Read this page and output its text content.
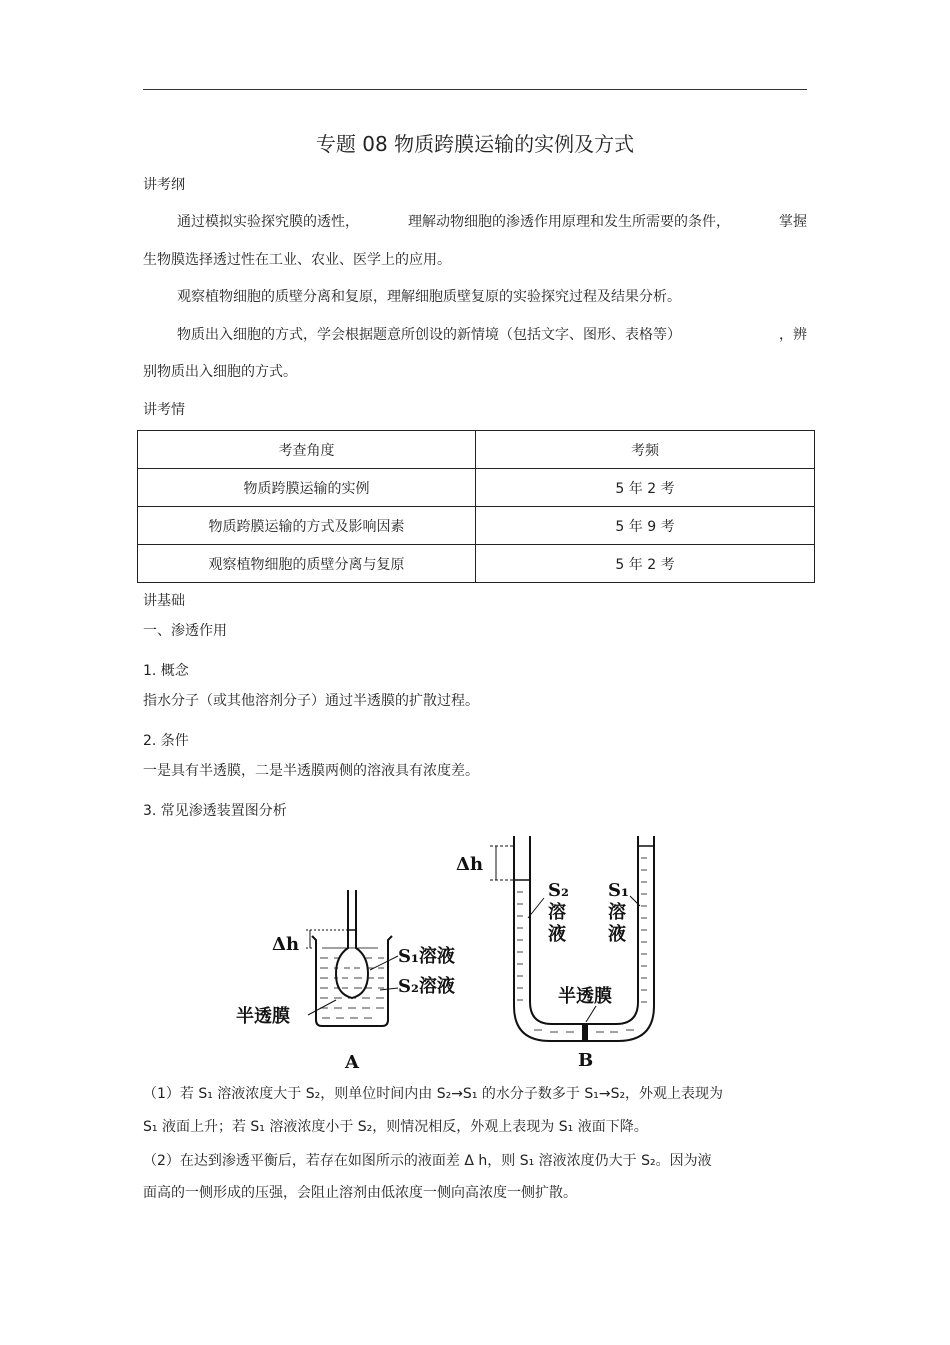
专题 08 物质跨膜运输的实例及方式
讲考纲
通过模拟实验探究膜的透性，	理解动物细胞的渗透作用原理和发生所需要的条件，	掌握
生物膜选择透过性在工业、农业、医学上的应用。
观察植物细胞的质壁分离和复原，理解细胞质壁复原的实验探究过程及结果分析。
物质出入细胞的方式，学会根据题意所创设的新情境（包括文字、图形、表格等）	，辨
别物质出入细胞的方式。
讲考情
考查角度	考频
物质跨膜运输的实例	5 年 2 考
物质跨膜运输的方式及影响因素	5 年 9 考
观察植物细胞的质壁分离与复原	5 年 2 考
讲基础
一、渗透作用
1. 概念
指水分子（或其他溶剂分子）通过半透膜的扩散过程。
2. 条件
一是具有半透膜，二是半透膜两侧的溶液具有浓度差。
3. 常见渗透装置图分析
Δh
S₁溶液
S₂溶液
半透膜
A
Δh
S₂
溶
液
S₁
溶
液
半透膜
B
（1）若 S₁ 溶液浓度大于 S₂，则单位时间内由 S₂→S₁ 的水分子数多于 S₁→S₂，外观上表现为
S₁ 液面上升；若 S₁ 溶液浓度小于 S₂，则情况相反，外观上表现为 S₁ 液面下降。
（2）在达到渗透平衡后，若存在如图所示的液面差 Δ h，则 S₁ 溶液浓度仍大于 S₂。因为液
面高的一侧形成的压强，会阻止溶剂由低浓度一侧向高浓度一侧扩散。
